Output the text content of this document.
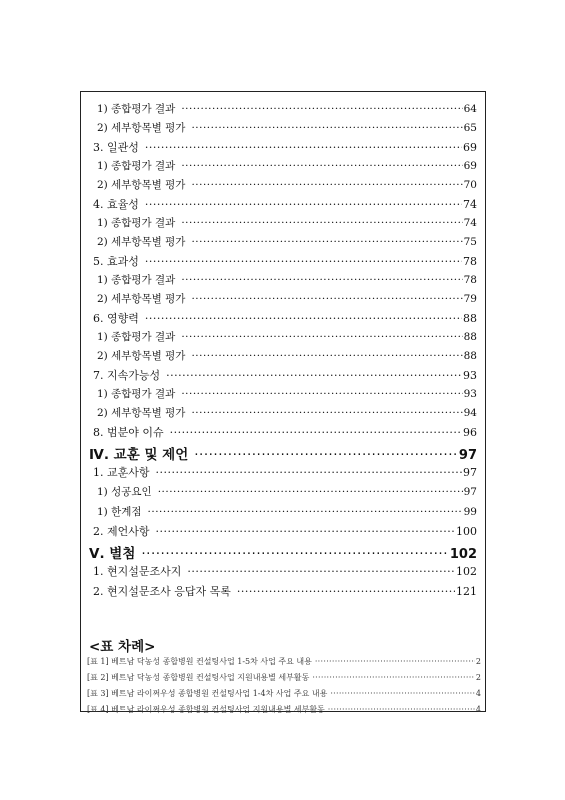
1) 종합평가 결과 ·····	64
2) 세부항목별 평가 ·····	65
3. 일관성 ·····	69
1) 종합평가 결과 ·····	69
2) 세부항목별 평가 ·····	70
4. 효율성 ·····	74
1) 종합평가 결과 ·····	74
2) 세부항목별 평가 ·····	75
5. 효과성 ·····	78
1) 종합평가 결과 ·····	78
2) 세부항목별 평가 ·····	79
6. 영향력 ·····	88
1) 종합평가 결과 ·····	88
2) 세부항목별 평가 ·····	88
7. 지속가능성 ·····	93
1) 종합평가 결과 ·····	93
2) 세부항목별 평가 ·····	94
8. 범분야 이슈 ·····	96
Ⅳ. 교훈 및 제언 ·····	97
1. 교훈사항 ·····	97
1) 성공요인 ·····	97
1) 한계점 ·····	99
2. 제언사항 ·····	100
Ⅴ. 별첨 ·····	102
1. 현지설문조사지 ·····	102
2. 현지설문조사 응답자 목록 ·····	121
<표 차례>
[표 1] 베트남 닥농성 종합병원 컨설팅사업 1-5차 사업 주요 내용 ·····	2
[표 2] 베트남 닥농성 종합병원 컨설팅사업 지원내용별 세부활동 ·····	2
[표 3] 베트남 라이쩌우성 종합병원 컨설팅사업 1-4차 사업 주요 내용 ·····	4
[표 4] 베트남 라이쩌우성 종합병원 컨설팅사업 지원내용별 세부활동 ·····	4
